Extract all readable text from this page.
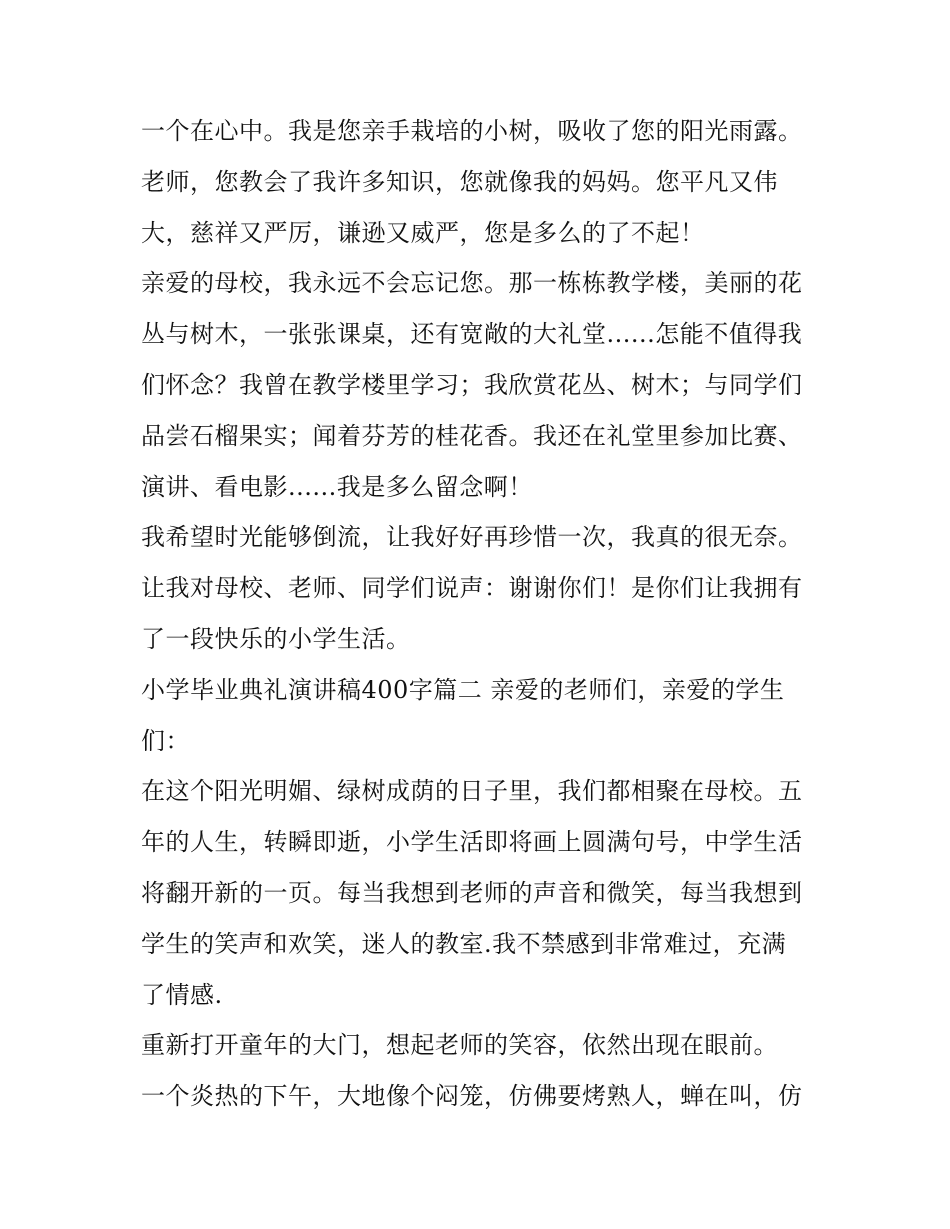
一个在心中。我是您亲手栽培的小树，吸收了您的阳光雨露。

老师，您教会了我许多知识，您就像我的妈妈。您平凡又伟

大，慈祥又严厉，谦逊又威严，您是多么的了不起！

亲爱的母校，我永远不会忘记您。那一栋栋教学楼，美丽的花

丛与树木，一张张课桌，还有宽敞的大礼堂......怎能不值得我

们怀念？我曾在教学楼里学习；我欣赏花丛、树木；与同学们

品尝石榴果实；闻着芬芳的桂花香。我还在礼堂里参加比赛、

演讲、看电影......我是多么留念啊！

我希望时光能够倒流，让我好好再珍惜一次，我真的很无奈。

让我对母校、老师、同学们说声：谢谢你们！是你们让我拥有

了一段快乐的小学生活。

小学毕业典礼演讲稿400字篇二 亲爱的老师们，亲爱的学生

们：

在这个阳光明媚、绿树成荫的日子里，我们都相聚在母校。五

年的人生，转瞬即逝，小学生活即将画上圆满句号，中学生活

将翻开新的一页。每当我想到老师的声音和微笑，每当我想到

学生的笑声和欢笑，迷人的教室.我不禁感到非常难过，充满

了情感.

重新打开童年的大门，想起老师的笑容，依然出现在眼前。

一个炎热的下午，大地像个闷笼，仿佛要烤熟人，蝉在叫，仿
